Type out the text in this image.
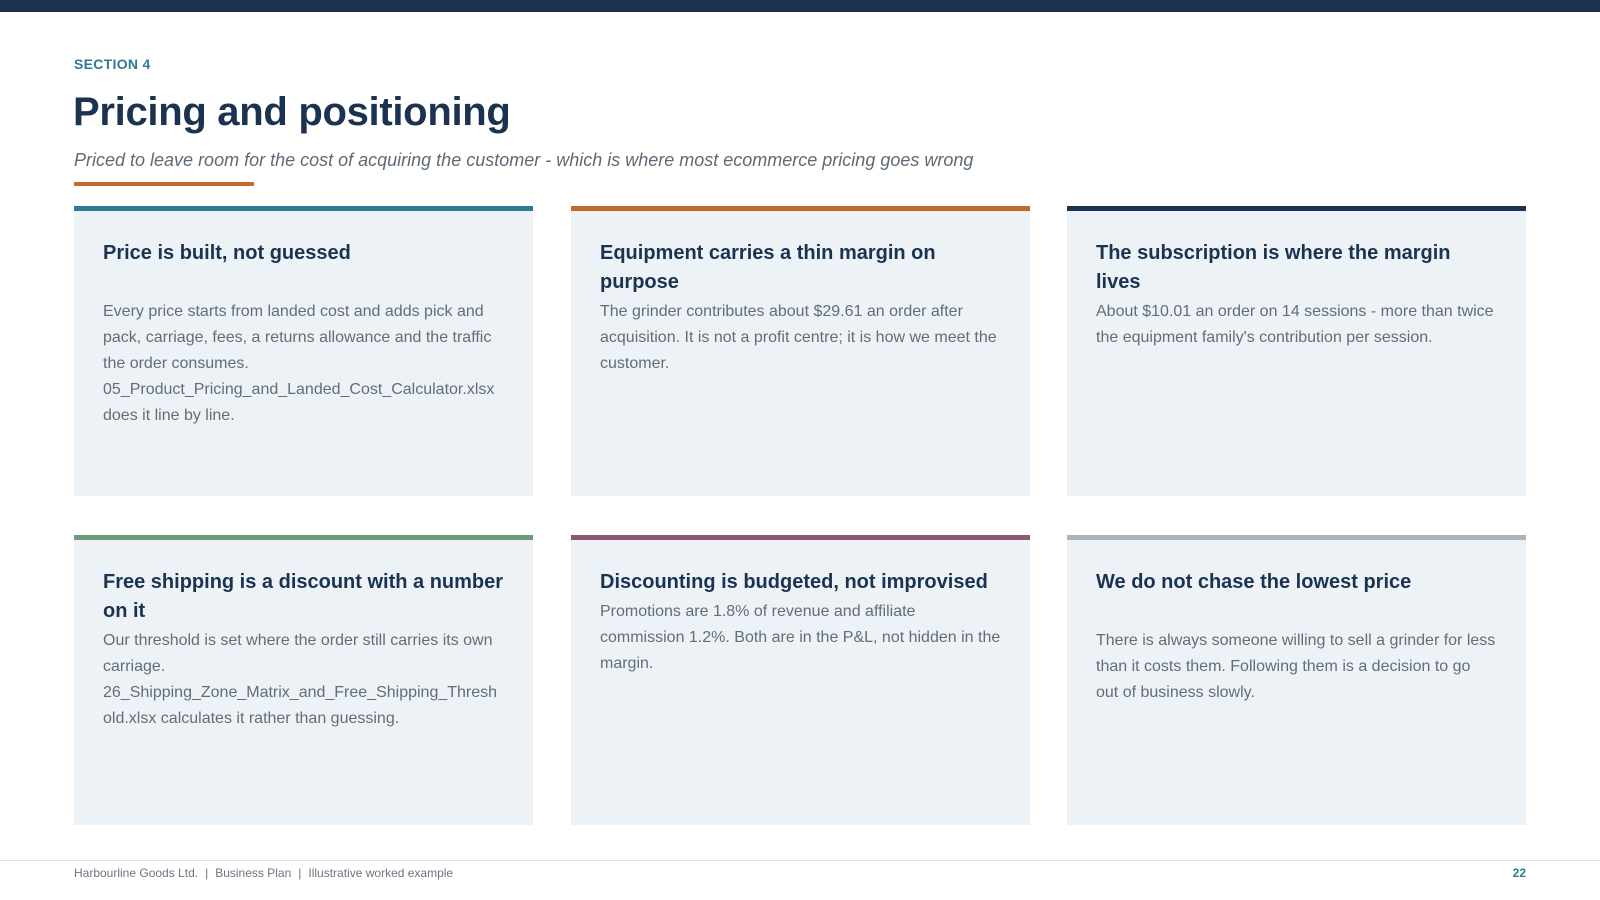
SECTION 4
Pricing and positioning
Priced to leave room for the cost of acquiring the customer - which is where most ecommerce pricing goes wrong
Price is built, not guessed
Every price starts from landed cost and adds pick and pack, carriage, fees, a returns allowance and the traffic the order consumes. 05_Product_Pricing_and_Landed_Cost_Calculator.xlsx does it line by line.
Equipment carries a thin margin on purpose
The grinder contributes about $29.61 an order after acquisition. It is not a profit centre; it is how we meet the customer.
The subscription is where the margin lives
About $10.01 an order on 14 sessions - more than twice the equipment family's contribution per session.
Free shipping is a discount with a number on it
Our threshold is set where the order still carries its own carriage. 26_Shipping_Zone_Matrix_and_Free_Shipping_Threshold.xlsx calculates it rather than guessing.
Discounting is budgeted, not improvised
Promotions are 1.8% of revenue and affiliate commission 1.2%. Both are in the P&L, not hidden in the margin.
We do not chase the lowest price
There is always someone willing to sell a grinder for less than it costs them. Following them is a decision to go out of business slowly.
Harbourline Goods Ltd. | Business Plan | Illustrative worked example	22
